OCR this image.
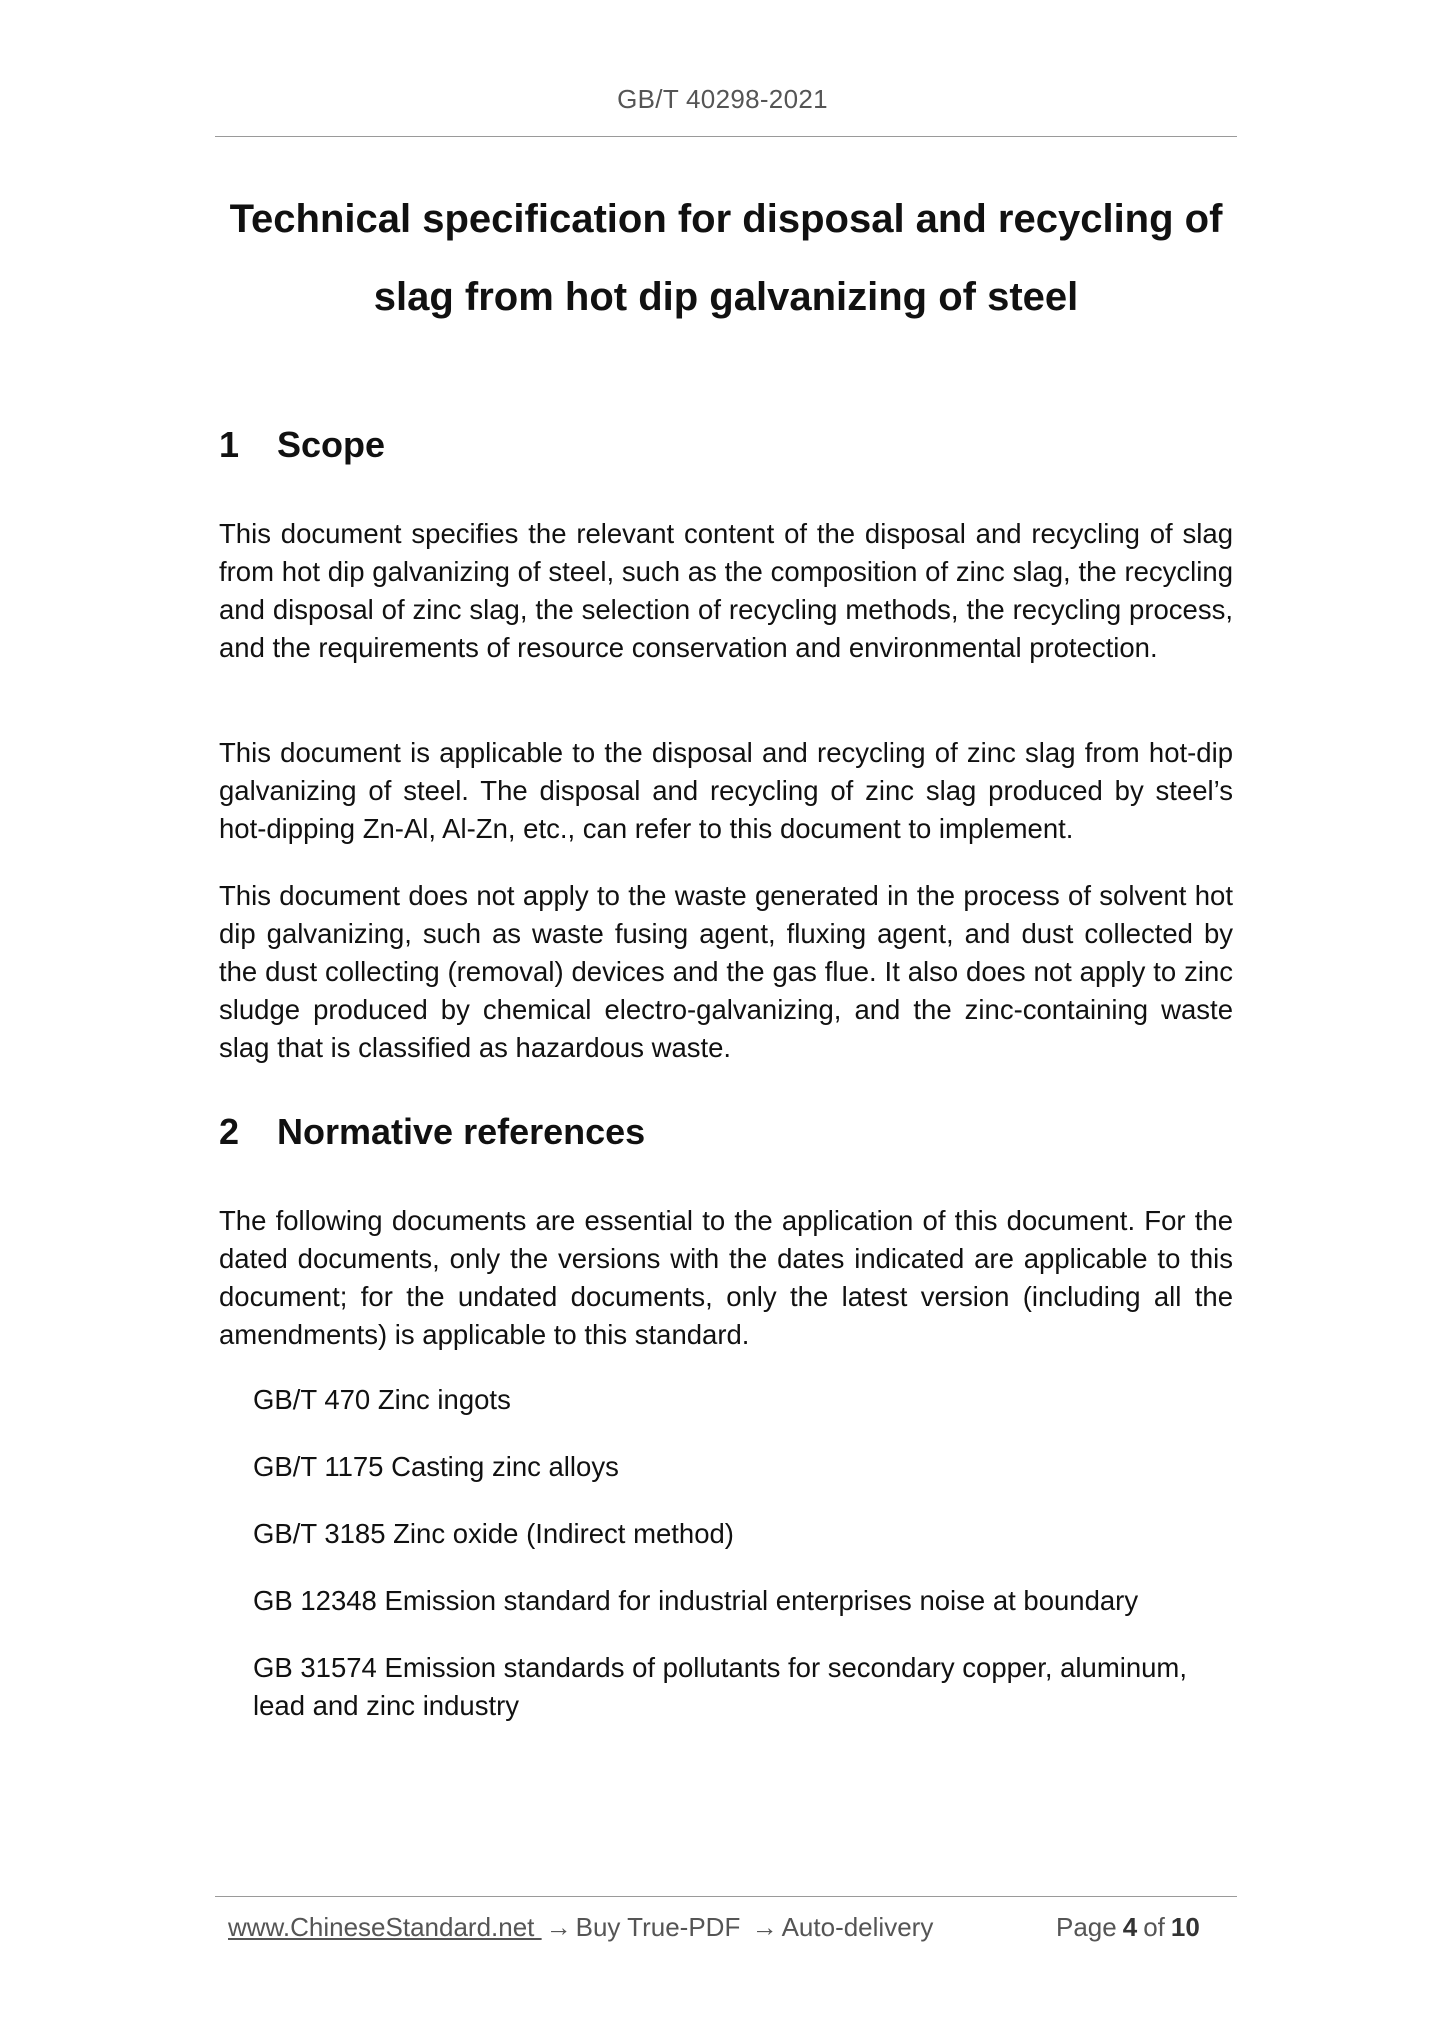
GB/T 40298-2021
Technical specification for disposal and recycling of
slag from hot dip galvanizing of steel
1 Scope

This document specifies the relevant content of the disposal and recycling of slag from hot dip galvanizing of steel, such as the composition of zinc slag, the recycling and disposal of zinc slag, the selection of recycling methods, the recycling process, and the requirements of resource conservation and environmental protection.

This document is applicable to the disposal and recycling of zinc slag from hot-dip galvanizing of steel. The disposal and recycling of zinc slag produced by steel’s hot-dipping Zn-Al, Al-Zn, etc., can refer to this document to implement.

This document does not apply to the waste generated in the process of solvent hot dip galvanizing, such as waste fusing agent, fluxing agent, and dust collected by the dust collecting (removal) devices and the gas flue. It also does not apply to zinc sludge produced by chemical electro-galvanizing, and the zinc-containing waste slag that is classified as hazardous waste.

2 Normative references

The following documents are essential to the application of this document. For the dated documents, only the versions with the dates indicated are applicable to this document; for the undated documents, only the latest version (including all the amendments) is applicable to this standard.

GB/T 470 Zinc ingots
GB/T 1175 Casting zinc alloys
GB/T 3185 Zinc oxide (Indirect method)
GB 12348 Emission standard for industrial enterprises noise at boundary
GB 31574 Emission standards of pollutants for secondary copper, aluminum, lead and zinc industry
www.ChineseStandard.net → Buy True-PDF → Auto-delivery	Page 4 of 10
